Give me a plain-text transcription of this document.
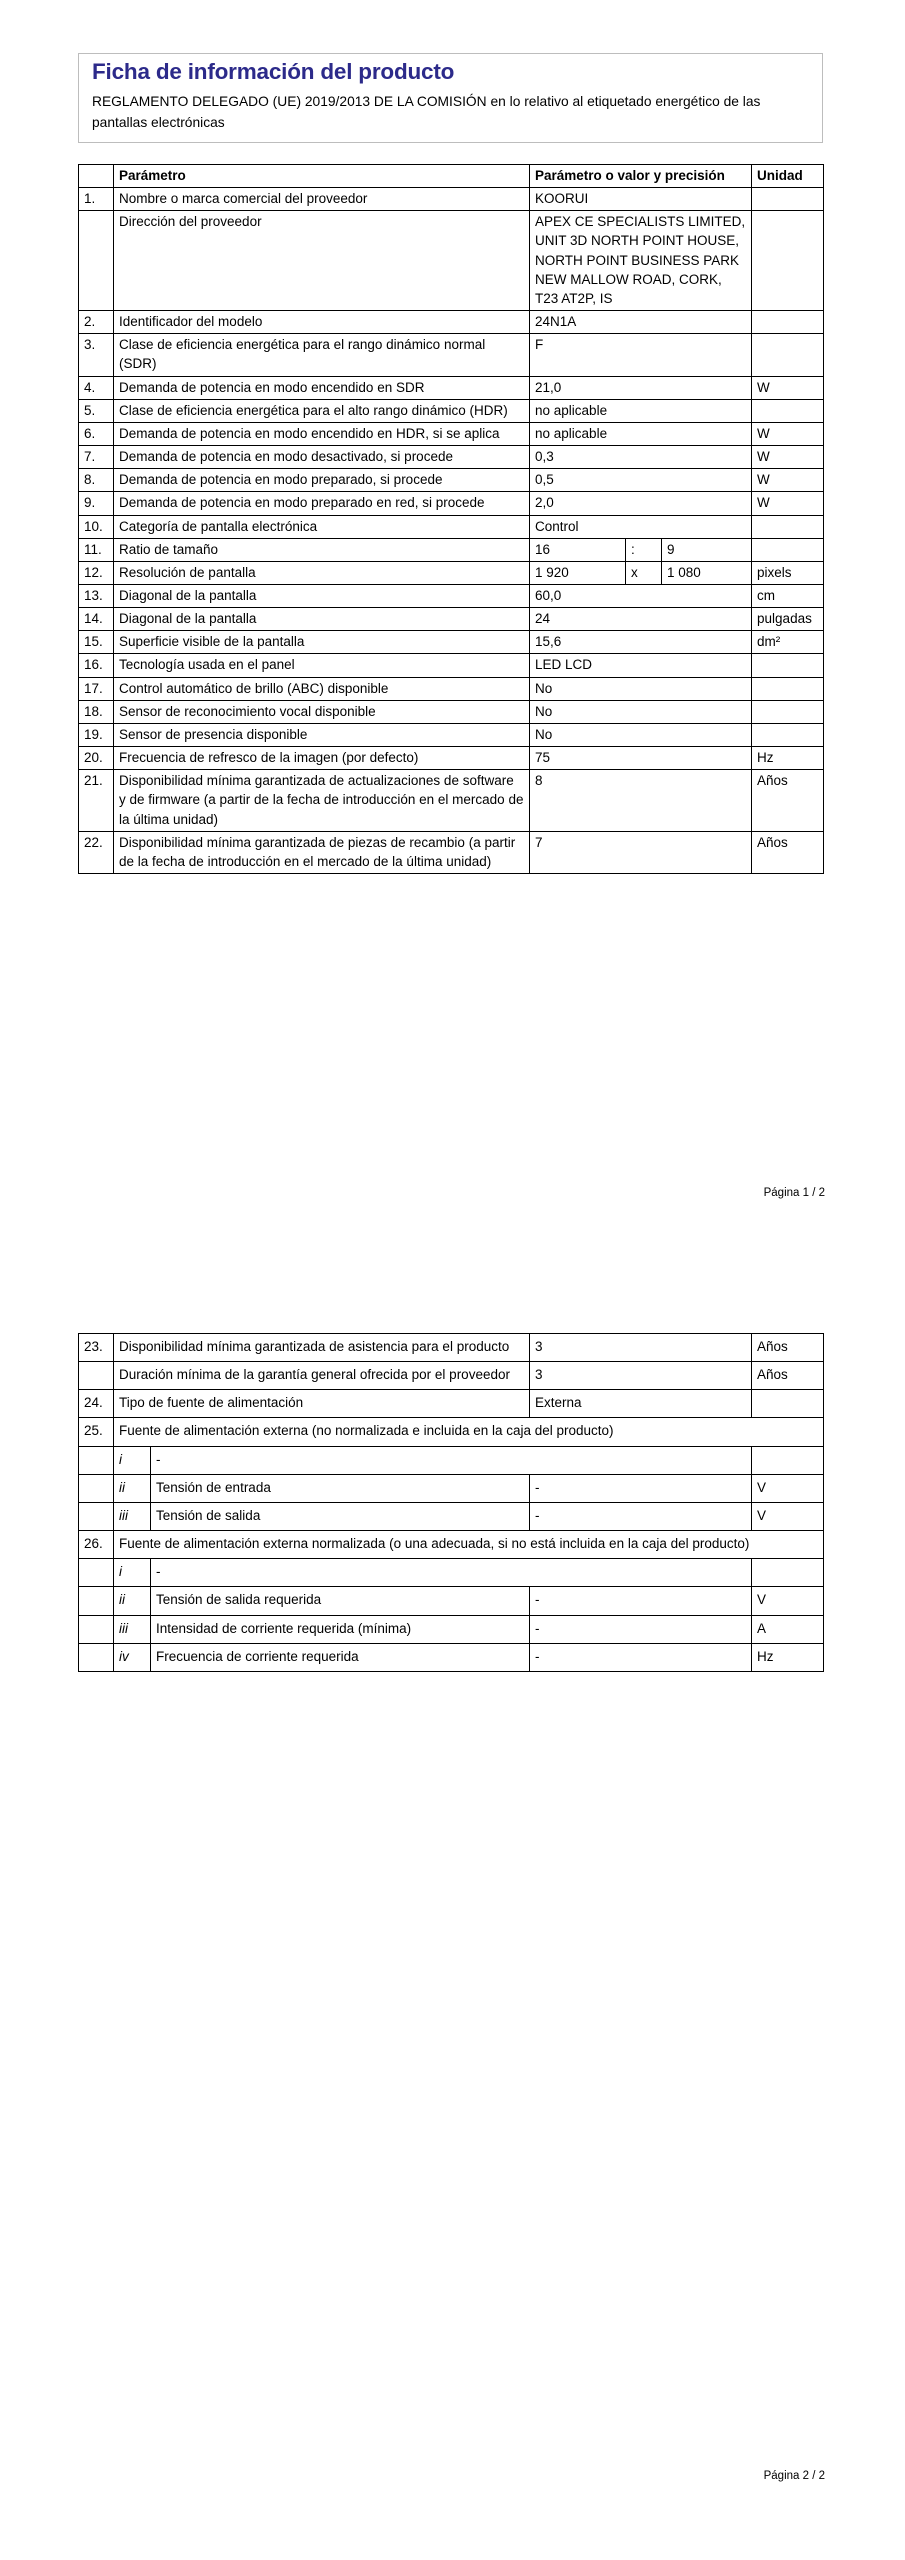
Ficha de información del producto

REGLAMENTO DELEGADO (UE) 2019/2013 DE LA COMISIÓN en lo relativo al etiquetado energético de las pantallas electrónicas

	Parámetro	Parámetro o valor y precisión			Unidad
1.	Nombre o marca comercial del proveedor	KOORUI			
	Dirección del proveedor	APEX CE SPECIALISTS LIMITED, UNIT 3D NORTH POINT HOUSE, NORTH POINT BUSINESS PARK NEW MALLOW ROAD, CORK, T23 AT2P, IS			
2.	Identificador del modelo	24N1A			
3.	Clase de eficiencia energética para el rango dinámico normal (SDR)	F			
4.	Demanda de potencia en modo encendido en SDR	21,0			W
5.	Clase de eficiencia energética para el alto rango dinámico (HDR)	no aplicable			
6.	Demanda de potencia en modo encendido en HDR, si se aplica	no aplicable			W
7.	Demanda de potencia en modo desactivado, si procede	0,3			W
8.	Demanda de potencia en modo preparado, si procede	0,5			W
9.	Demanda de potencia en modo preparado en red, si procede	2,0			W
10.	Categoría de pantalla electrónica	Control			
11.	Ratio de tamaño	16	:	9	
12.	Resolución de pantalla	1 920	x	1 080	pixels
13.	Diagonal de la pantalla	60,0			cm
14.	Diagonal de la pantalla	24			pulgadas
15.	Superficie visible de la pantalla	15,6			dm²
16.	Tecnología usada en el panel	LED LCD			
17.	Control automático de brillo (ABC) disponible	No			
18.	Sensor de reconocimiento vocal disponible	No			
19.	Sensor de presencia disponible	No			
20.	Frecuencia de refresco de la imagen (por defecto)	75			Hz
21.	Disponibilidad mínima garantizada de actualizaciones de software y de firmware (a partir de la fecha de introducción en el mercado de la última unidad)	8			Años
22.	Disponibilidad mínima garantizada de piezas de recambio (a partir de la fecha de introducción en el mercado de la última unidad)	7			Años
Página 1 / 2
23.	Disponibilidad mínima garantizada de asistencia para el producto		3	Años
	Duración mínima de la garantía general ofrecida por el proveedor		3	Años
24.	Tipo de fuente de alimentación		Externa	
25.	Fuente de alimentación externa (no normalizada e incluida en la caja del producto)			
	i	-		
	ii	Tensión de entrada	-	V
	iii	Tensión de salida	-	V
26.	Fuente de alimentación externa normalizada (o una adecuada, si no está incluida en la caja del producto)			
	i	-		
	ii	Tensión de salida requerida	-	V
	iii	Intensidad de corriente requerida (mínima)	-	A
	iv	Frecuencia de corriente requerida	-	Hz
Página 2 / 2
